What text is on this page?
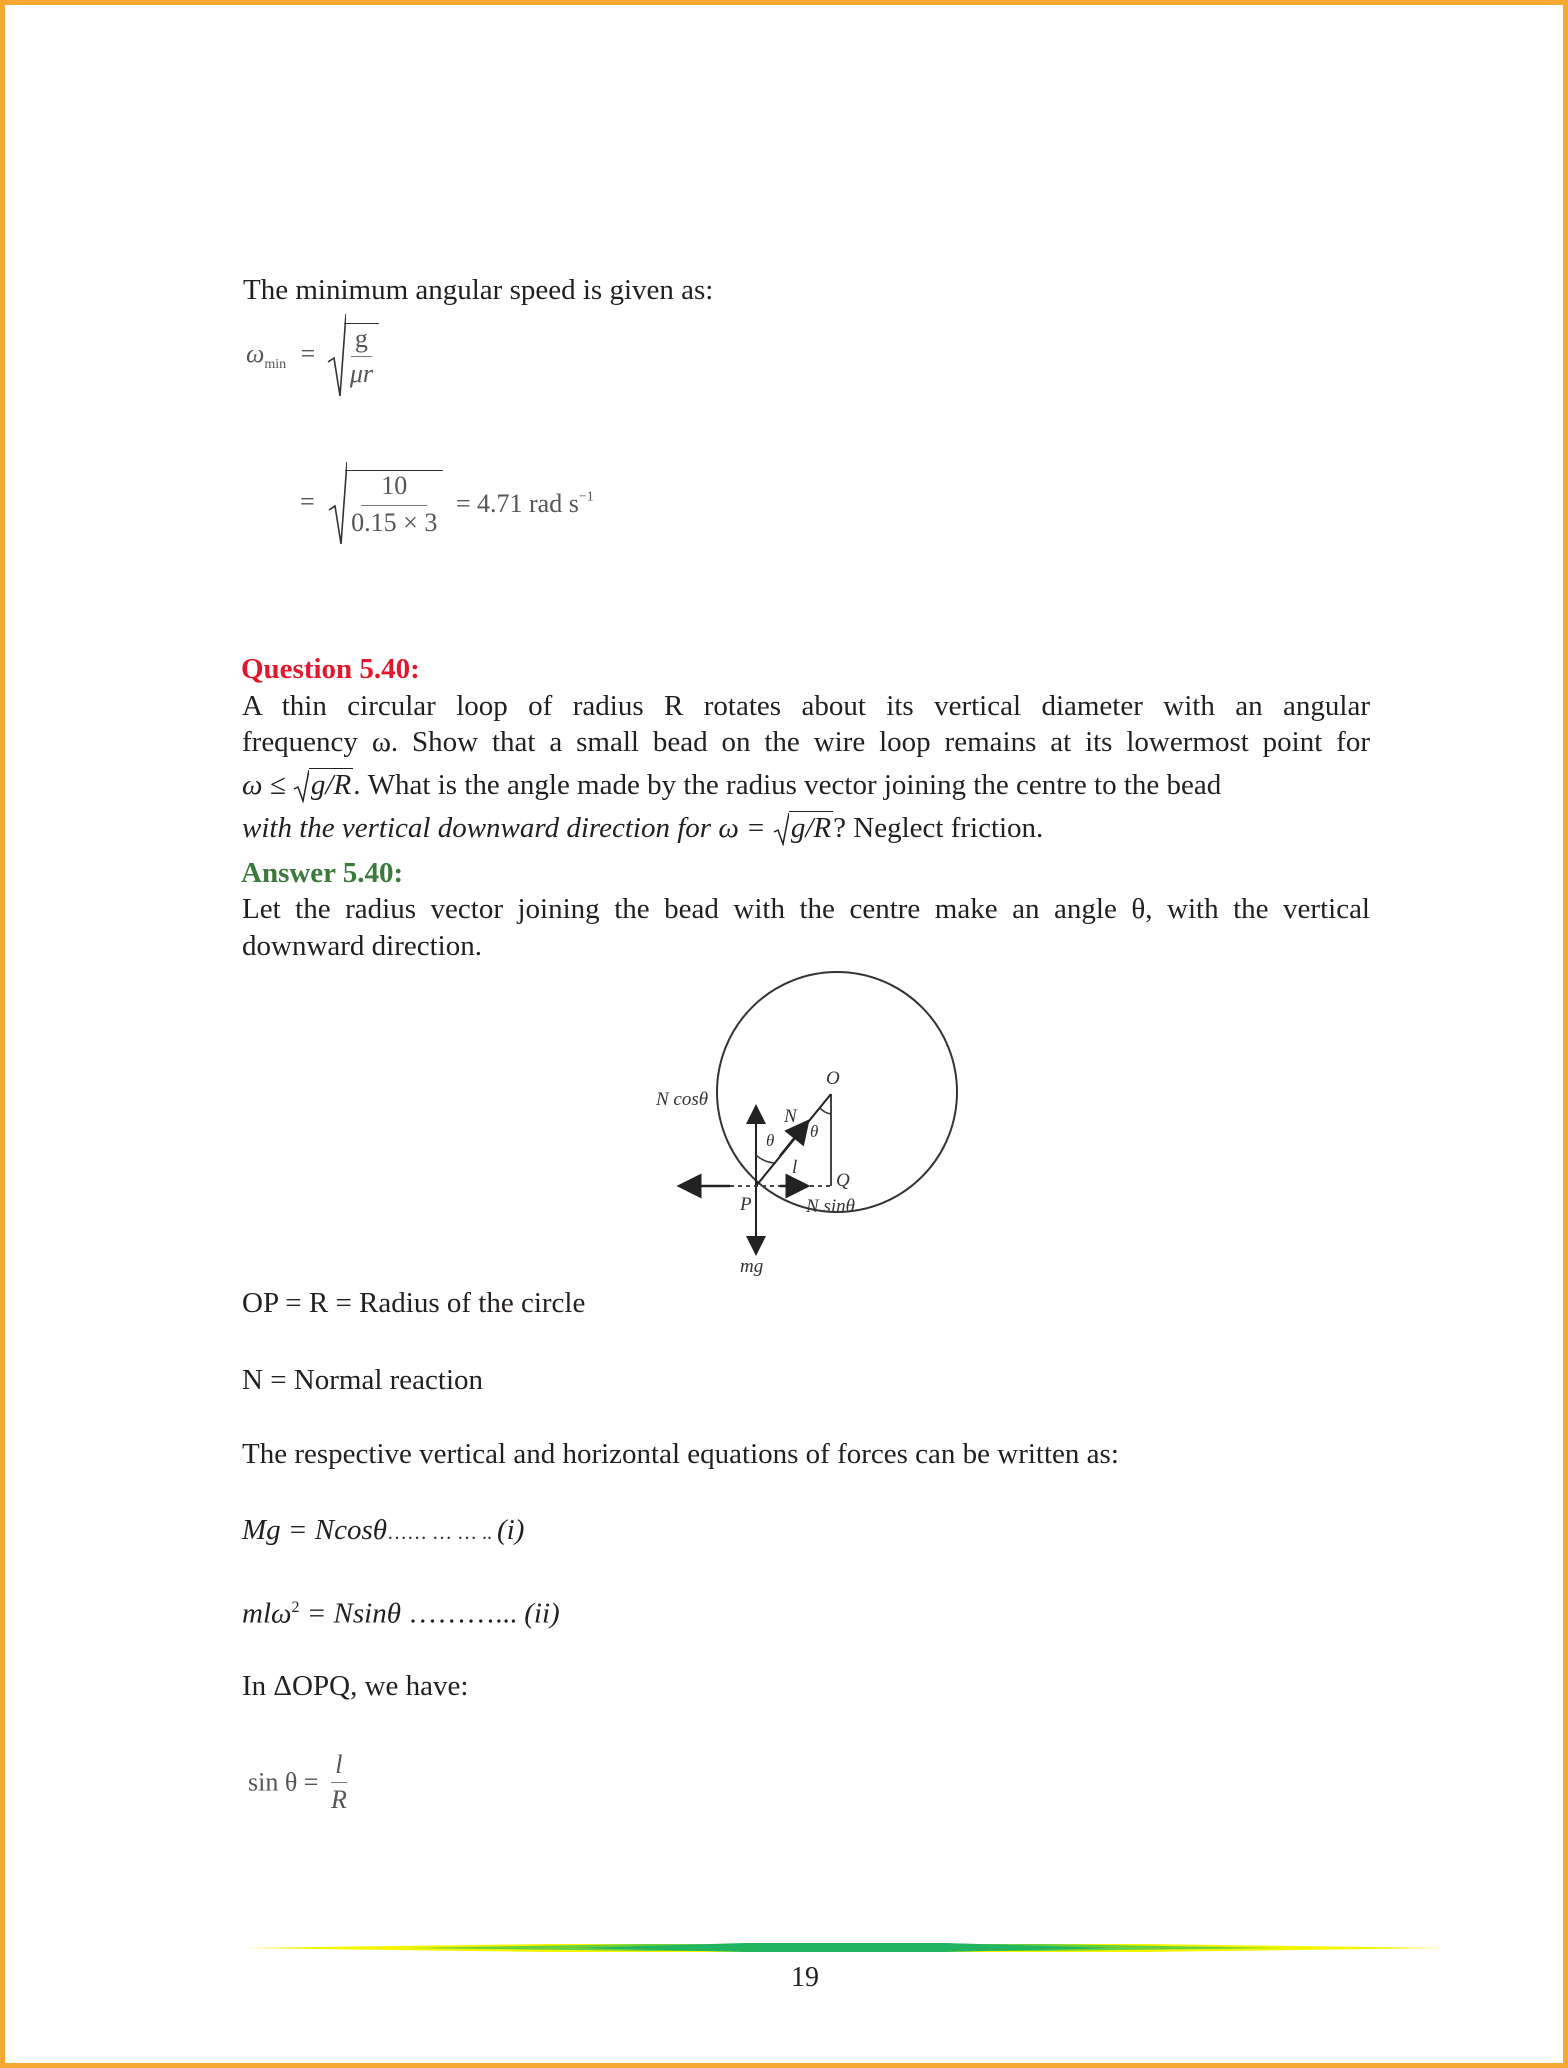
The minimum angular speed is given as:
$\omega_{min} = \frac{g}{\mu r}$
= $\frac{10}{0.15 \times 3} = 4.71$ rad $s^{-1}$
Question 5.40:
A thin circular loop of radius R rotates about its vertical diameter with an angular
frequency ω. Show that a small bead on the wire loop remains at its lowermost point for
ω ≤ g/R. What is the angle made by the radius vector joining the centre to the bead
with the vertical downward direction for ω = g/R? Neglect friction.
Answer 5.40:
Let the radius vector joining the bead with the centre make an angle θ, with the vertical
downward direction.
O
P
Q
N
l
θ θ
N cosθ
N sinθ
mg
OP = R = Radius of the circle
N = Normal reaction
The respective vertical and horizontal equations of forces can be written as:
Mg = Ncosθ…… … … .. (i)
mlω$^2$ = Nsinθ ………... (ii)
In ΔOPQ, we have:
$\sin \theta = \frac{l}{R}$
19
